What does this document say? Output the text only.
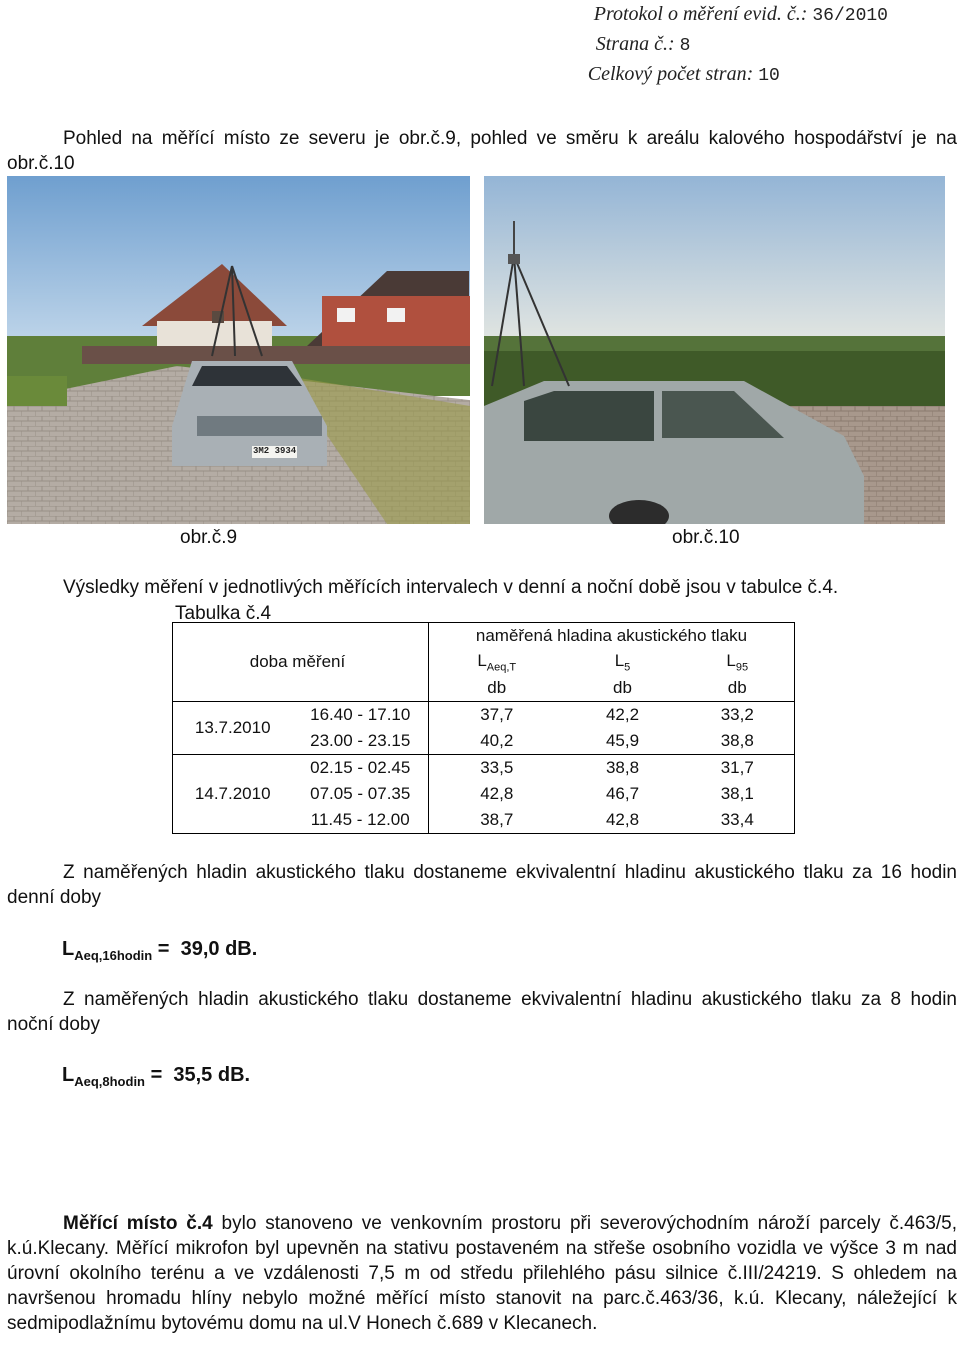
Protokol o měření evid. č.: 36/2010
Strana č.: 8
Celkový počet stran: 10
Pohled na měřící místo ze severu je obr.č.9, pohled ve směru k areálu kalového hospodářství je na obr.č.10
3M2 3934
obr.č.9	obr.č.10
Výsledky měření v jednotlivých měřících intervalech v denní a noční době jsou v tabulce č.4.
Tabulka č.4
		naměřená hladina akustického tlaku		
doba měření		$L_{Aeq,T}$	$L_5$	$L_{95}$
		db	db	db
13.7.2010	16.40 - 17.10	37,7	42,2	33,2
	23.00 - 23.15	40,2	45,9	38,8
14.7.2010	02.15 - 02.45	33,5	38,8	31,7
	07.05 - 07.35	42,8	46,7	38,1
	11.45 - 12.00	38,7	42,8	33,4
Z naměřených hladin akustického tlaku dostaneme ekvivalentní hladinu akustického tlaku za 16 hodin denní doby
$L_{Aeq,16hodin} = 39,0$ dB.
Z naměřených hladin akustického tlaku dostaneme ekvivalentní hladinu akustického tlaku za 8 hodin noční doby
$L_{Aeq,8hodin} = 35,5$ dB.
Měřící místo č.4 bylo stanoveno ve venkovním prostoru při severovýchodním nároží parcely č.463/5, k.ú.Klecany. Měřící mikrofon byl upevněn na stativu postaveném na střeše osobního vozidla ve výšce 3 m nad úrovní okolního terénu a ve vzdálenosti 7,5 m od středu přilehlého pásu silnice č.III/24219. S ohledem na navršenou hromadu hlíny nebylo možné měřící místo stanovit na parc.č.463/36, k.ú. Klecany, náležející k sedmipodlažnímu bytovému domu na ul.V Honech č.689 v Klecanech.
